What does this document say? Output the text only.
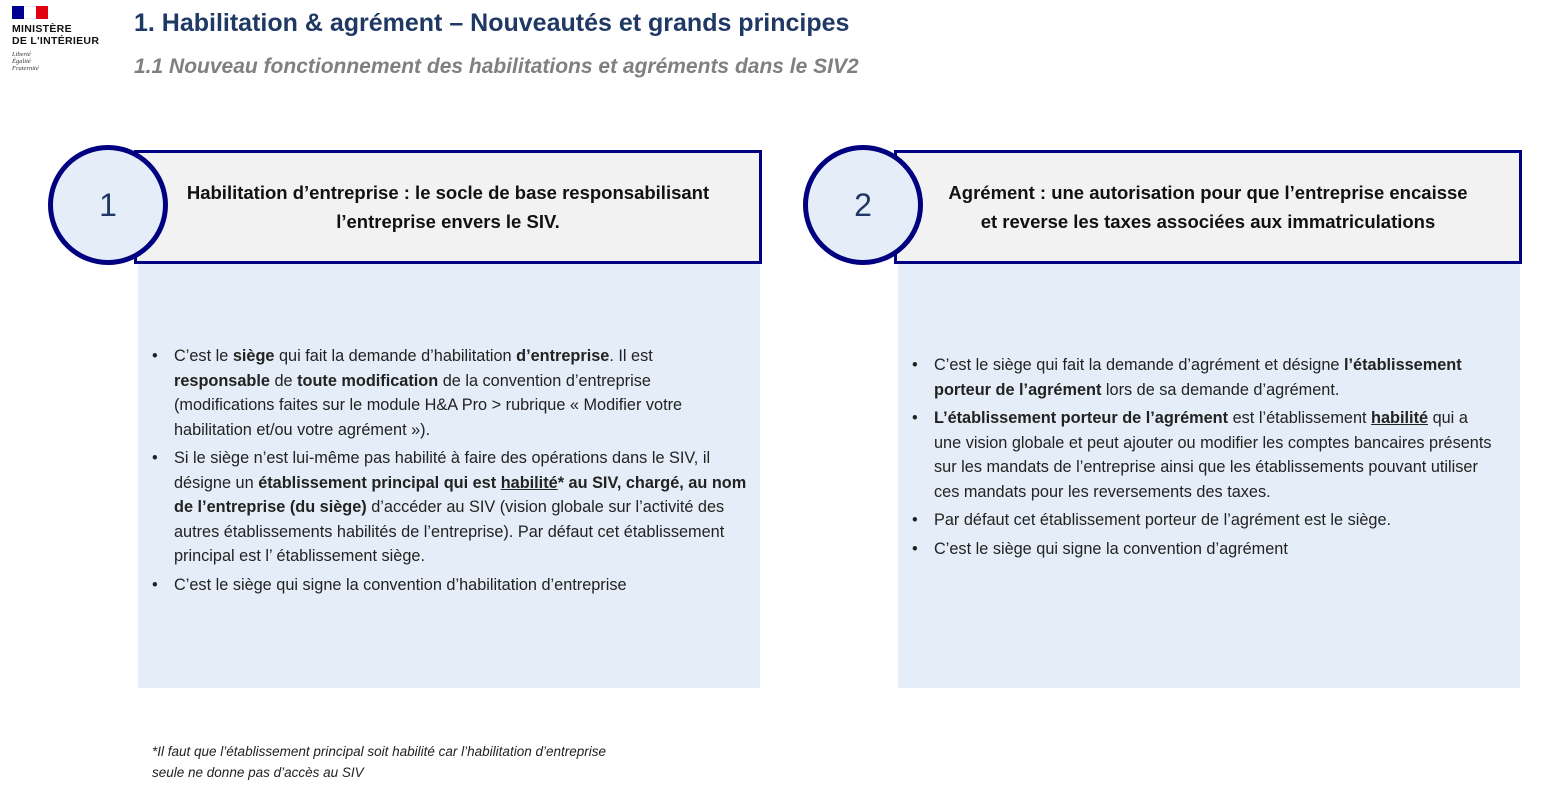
MINISTÈRE
DE L'INTÉRIEUR
Liberté
Égalité
Fraternité
1. Habilitation & agrément – Nouveautés et grands principes
1.1 Nouveau fonctionnement des habilitations et agréments dans le SIV2
Habilitation d’entreprise : le socle de base responsabilisant
l’entreprise envers le SIV.
1
• C’est le siège qui fait la demande d’habilitation d’entreprise. Il est responsable de toute modification de la convention d’entreprise (modifications faites sur le module H&A Pro > rubrique « Modifier votre habilitation et/ou votre agrément »).
• Si le siège n’est lui-même pas habilité à faire des opérations dans le SIV, il désigne un établissement principal qui est habilité* au SIV, chargé, au nom de l’entreprise (du siège) d’accéder au SIV (vision globale sur l’activité des autres établissements habilités de l’entreprise). Par défaut cet établissement principal est l’ établissement siège.
• C’est le siège qui signe la convention d’habilitation d’entreprise
Agrément : une autorisation pour que l’entreprise encaisse
et reverse les taxes associées aux immatriculations
2
• C’est le siège qui fait la demande d’agrément et désigne l’établissement porteur de l’agrément lors de sa demande d’agrément.
• L’établissement porteur de l’agrément est l’établissement habilité qui a une vision globale et peut ajouter ou modifier les comptes bancaires présents sur les mandats de l’entreprise ainsi que les établissements pouvant utiliser ces mandats pour les reversements des taxes.
• Par défaut cet établissement porteur de l’agrément est le siège.
• C’est le siège qui signe la convention d’agrément
*Il faut que l’établissement principal soit habilité car l’habilitation d’entreprise
seule ne donne pas d’accès au SIV
